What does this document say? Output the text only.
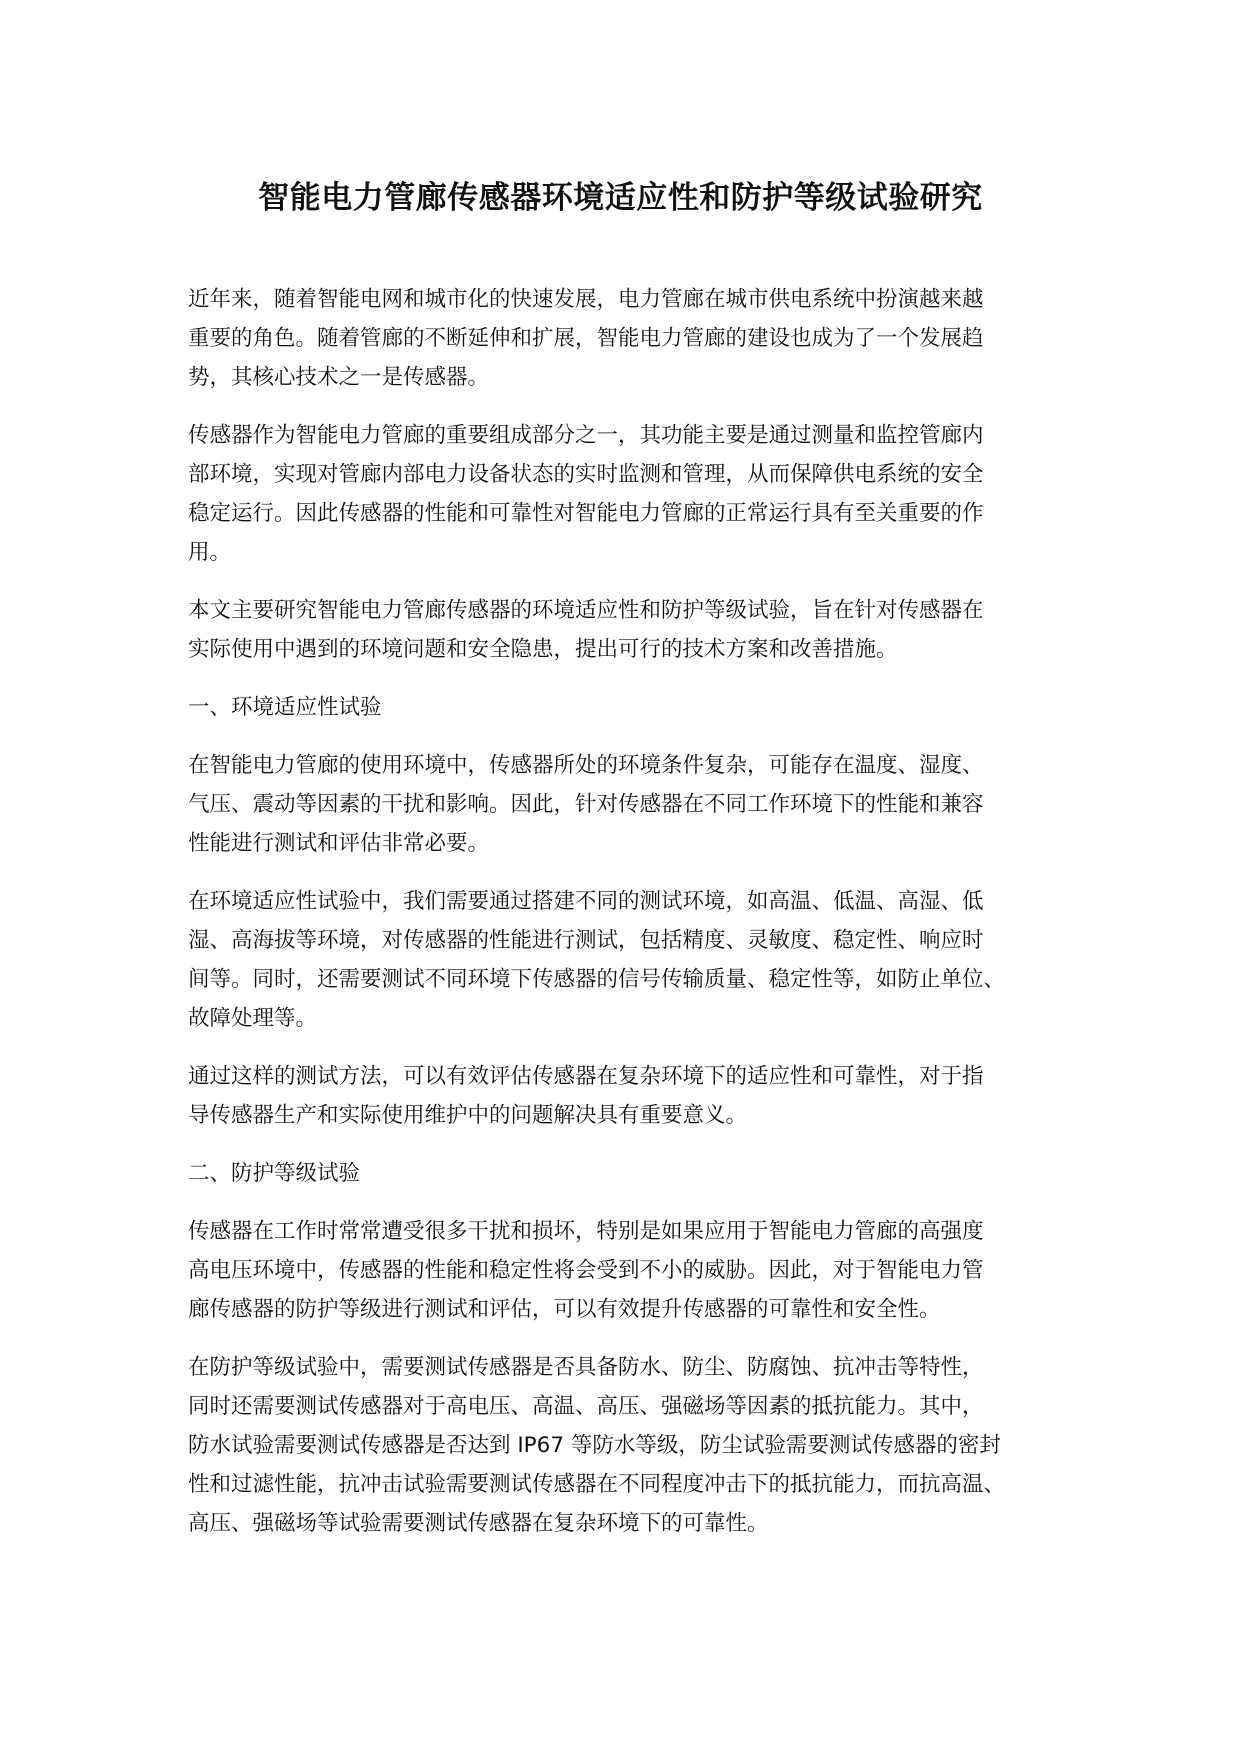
智能电力管廊传感器环境适应性和防护等级试验研究
近年来，随着智能电网和城市化的快速发展，电力管廊在城市供电系统中扮演越来越
重要的角色。随着管廊的不断延伸和扩展，智能电力管廊的建设也成为了一个发展趋
势，其核心技术之一是传感器。
传感器作为智能电力管廊的重要组成部分之一，其功能主要是通过测量和监控管廊内
部环境，实现对管廊内部电力设备状态的实时监测和管理，从而保障供电系统的安全
稳定运行。因此传感器的性能和可靠性对智能电力管廊的正常运行具有至关重要的作
用。
本文主要研究智能电力管廊传感器的环境适应性和防护等级试验，旨在针对传感器在
实际使用中遇到的环境问题和安全隐患，提出可行的技术方案和改善措施。
一、环境适应性试验
在智能电力管廊的使用环境中，传感器所处的环境条件复杂，可能存在温度、湿度、
气压、震动等因素的干扰和影响。因此，针对传感器在不同工作环境下的性能和兼容
性能进行测试和评估非常必要。
在环境适应性试验中，我们需要通过搭建不同的测试环境，如高温、低温、高湿、低
湿、高海拔等环境，对传感器的性能进行测试，包括精度、灵敏度、稳定性、响应时
间等。同时，还需要测试不同环境下传感器的信号传输质量、稳定性等，如防止单位、
故障处理等。
通过这样的测试方法，可以有效评估传感器在复杂环境下的适应性和可靠性，对于指
导传感器生产和实际使用维护中的问题解决具有重要意义。
二、防护等级试验
传感器在工作时常常遭受很多干扰和损坏，特别是如果应用于智能电力管廊的高强度
高电压环境中，传感器的性能和稳定性将会受到不小的威胁。因此，对于智能电力管
廊传感器的防护等级进行测试和评估，可以有效提升传感器的可靠性和安全性。
在防护等级试验中，需要测试传感器是否具备防水、防尘、防腐蚀、抗冲击等特性，
同时还需要测试传感器对于高电压、高温、高压、强磁场等因素的抵抗能力。其中，
防水试验需要测试传感器是否达到 IP67 等防水等级，防尘试验需要测试传感器的密封
性和过滤性能，抗冲击试验需要测试传感器在不同程度冲击下的抵抗能力，而抗高温、
高压、强磁场等试验需要测试传感器在复杂环境下的可靠性。
